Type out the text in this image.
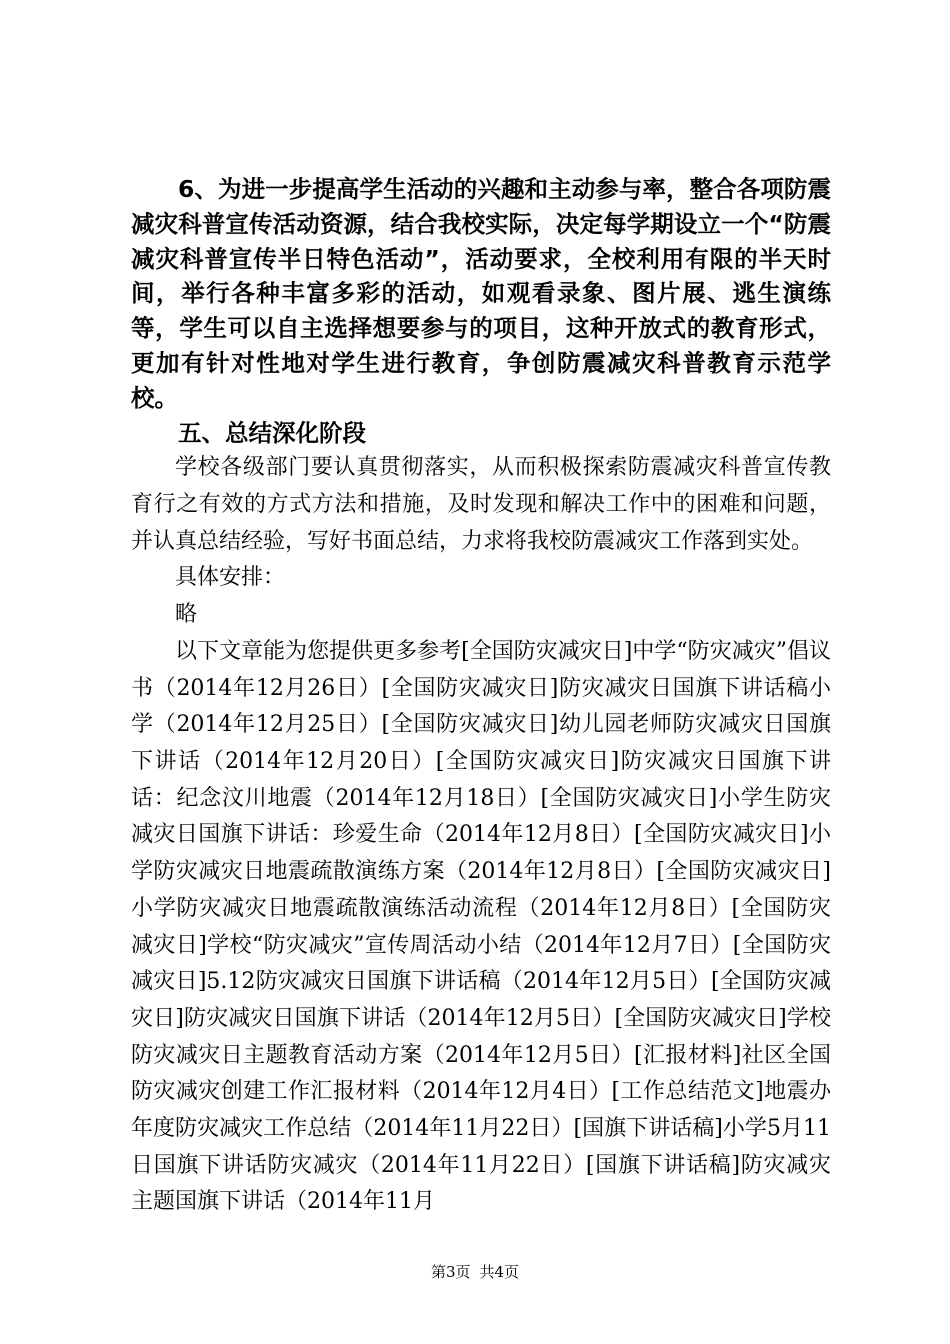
6、为进一步提高学生活动的兴趣和主动参与率，整合各项防震减灾科普宣传活动资源，结合我校实际，决定每学期设立一个“防震减灾科普宣传半日特色活动”，活动要求，全校利用有限的半天时间，举行各种丰富多彩的活动，如观看录象、图片展、逃生演练等，学生可以自主选择想要参与的项目，这种开放式的教育形式，更加有针对性地对学生进行教育，争创防震减灾科普教育示范学校。

五、总结深化阶段

学校各级部门要认真贯彻落实，从而积极探索防震减灾科普宣传教育行之有效的方式方法和措施，及时发现和解决工作中的困难和问题，并认真总结经验，写好书面总结，力求将我校防震减灾工作落到实处。

具体安排：

略

以下文章能为您提供更多参考[全国防灾减灾日]中学“防灾减灾”倡议书（2014年12月26日）[全国防灾减灾日]防灾减灾日国旗下讲话稿小学（2014年12月25日）[全国防灾减灾日]幼儿园老师防灾减灾日国旗下讲话（2014年12月20日）[全国防灾减灾日]防灾减灾日国旗下讲话：纪念汶川地震（2014年12月18日）[全国防灾减灾日]小学生防灾减灾日国旗下讲话：珍爱生命（2014年12月8日）[全国防灾减灾日]小学防灾减灾日地震疏散演练方案（2014年12月8日）[全国防灾减灾日]小学防灾减灾日地震疏散演练活动流程（2014年12月8日）[全国防灾减灾日]学校“防灾减灾”宣传周活动小结（2014年12月7日）[全国防灾减灾日]5.12防灾减灾日国旗下讲话稿（2014年12月5日）[全国防灾减灾日]防灾减灾日国旗下讲话（2014年12月5日）[全国防灾减灾日]学校防灾减灾日主题教育活动方案（2014年12月5日）[汇报材料]社区全国防灾减灾创建工作汇报材料（2014年12月4日）[工作总结范文]地震办年度防灾减灾工作总结（2014年11月22日）[国旗下讲话稿]小学5月11日国旗下讲话防灾减灾（2014年11月22日）[国旗下讲话稿]防灾减灾主题国旗下讲话（2014年11月

第3页 共4页
